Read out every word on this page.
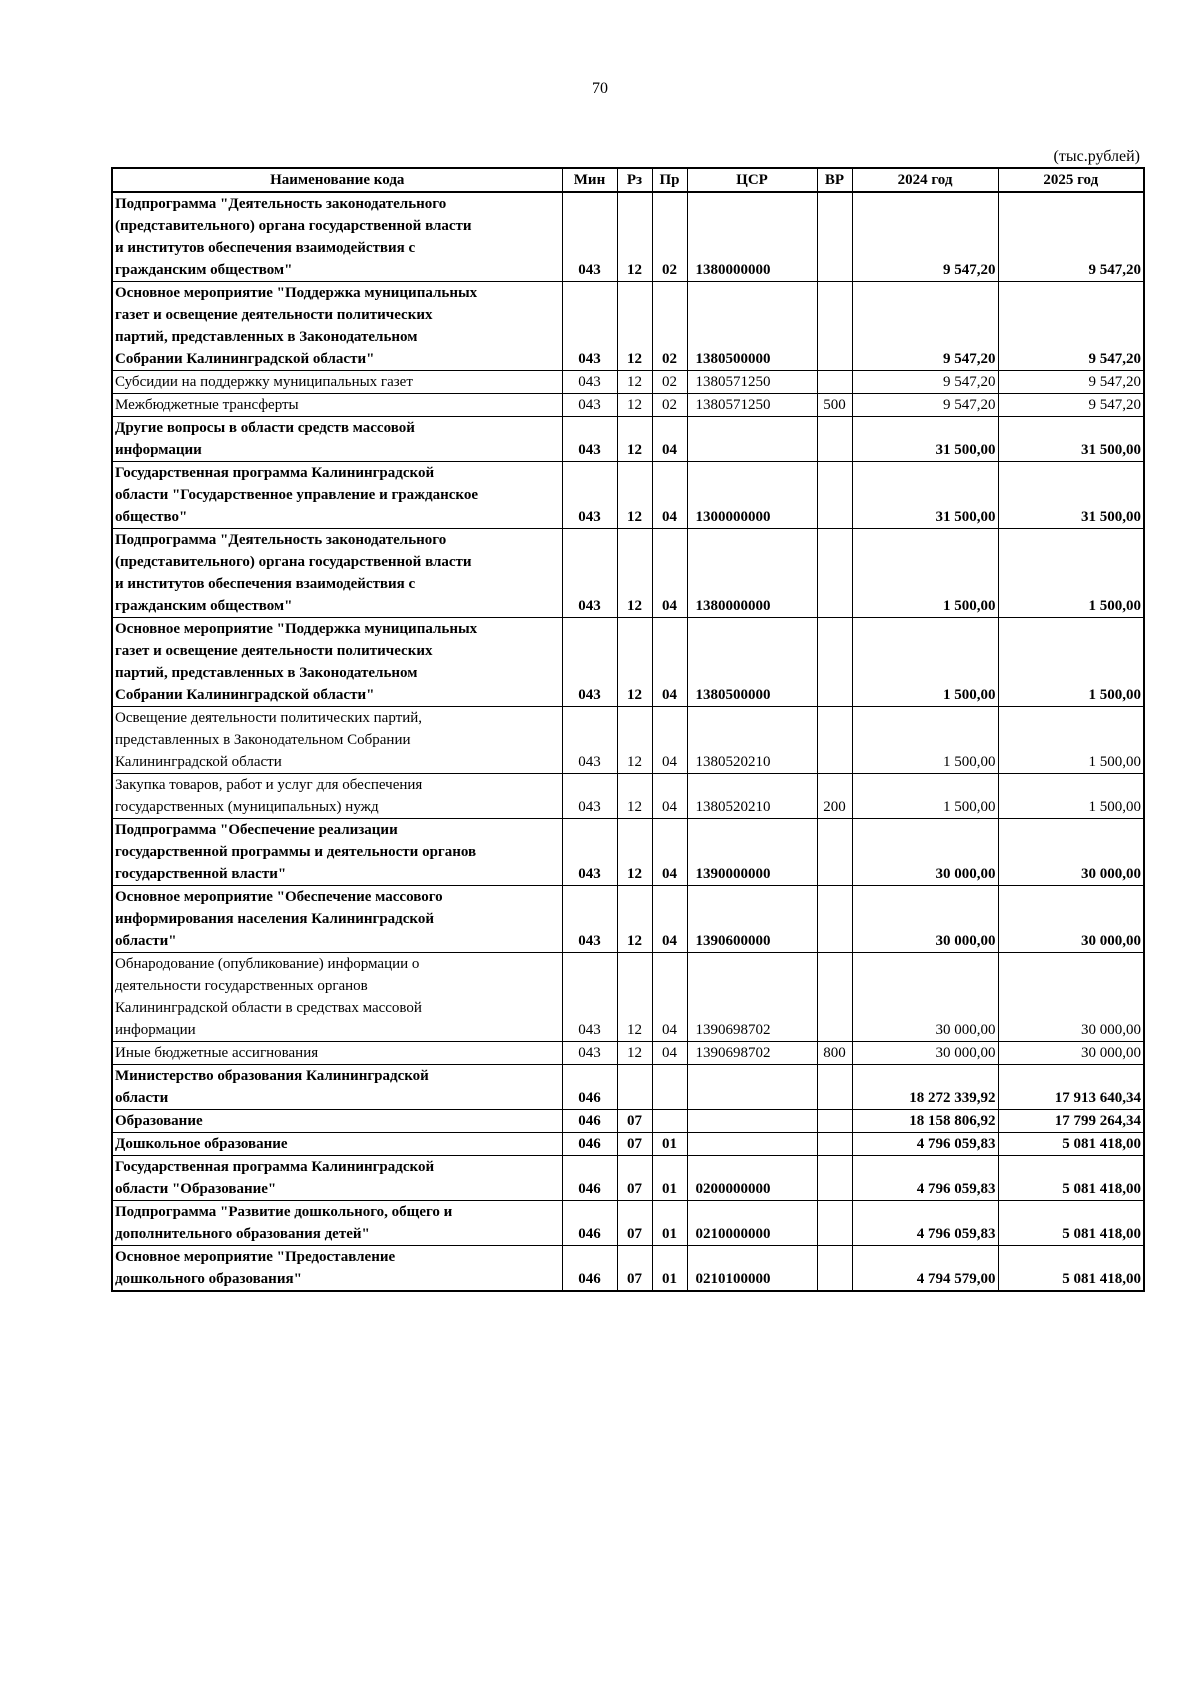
70
(тыс.рублей)
Наименование кода	Мин	Рз	Пр	ЦСР	ВР	2024 год	2025 год

Подпрограмма "Деятельность законодательного
(представительного) органа государственной власти
и институтов обеспечения взаимодействия с
гражданским обществом"	043	12	02	1380000000		9 547,20	9 547,20

Основное мероприятие "Поддержка муниципальных
газет и освещение деятельности политических
партий, представленных в Законодательном
Собрании Калининградской области"	043	12	02	1380500000		9 547,20	9 547,20

Субсидии на поддержку муниципальных газет	043	12	02	1380571250		9 547,20	9 547,20

Межбюджетные трансферты	043	12	02	1380571250	500	9 547,20	9 547,20

Другие вопросы в области средств массовой
информации	043	12	04			31 500,00	31 500,00

Государственная программа Калининградской
области "Государственное управление и гражданское
общество"	043	12	04	1300000000		31 500,00	31 500,00

Подпрограмма "Деятельность законодательного
(представительного) органа государственной власти
и институтов обеспечения взаимодействия с
гражданским обществом"	043	12	04	1380000000		1 500,00	1 500,00

Основное мероприятие "Поддержка муниципальных
газет и освещение деятельности политических
партий, представленных в Законодательном
Собрании Калининградской области"	043	12	04	1380500000		1 500,00	1 500,00

Освещение деятельности политических партий,
представленных в Законодательном Собрании
Калининградской области	043	12	04	1380520210		1 500,00	1 500,00

Закупка товаров, работ и услуг для обеспечения
государственных (муниципальных) нужд	043	12	04	1380520210	200	1 500,00	1 500,00

Подпрограмма "Обеспечение реализации
государственной программы и деятельности органов
государственной власти"	043	12	04	1390000000		30 000,00	30 000,00

Основное мероприятие "Обеспечение массового
информирования населения Калининградской
области"	043	12	04	1390600000		30 000,00	30 000,00

Обнародование (опубликование) информации о
деятельности государственных органов
Калининградской области в средствах массовой
информации	043	12	04	1390698702		30 000,00	30 000,00

Иные бюджетные ассигнования	043	12	04	1390698702	800	30 000,00	30 000,00

Министерство образования Калининградской
области	046					18 272 339,92	17 913 640,34

Образование	046	07				18 158 806,92	17 799 264,34

Дошкольное образование	046	07	01			4 796 059,83	5 081 418,00

Государственная программа Калининградской
области "Образование"	046	07	01	0200000000		4 796 059,83	5 081 418,00

Подпрограмма "Развитие дошкольного, общего и
дополнительного образования детей"	046	07	01	0210000000		4 796 059,83	5 081 418,00

Основное мероприятие "Предоставление
дошкольного образования"	046	07	01	0210100000		4 794 579,00	5 081 418,00
